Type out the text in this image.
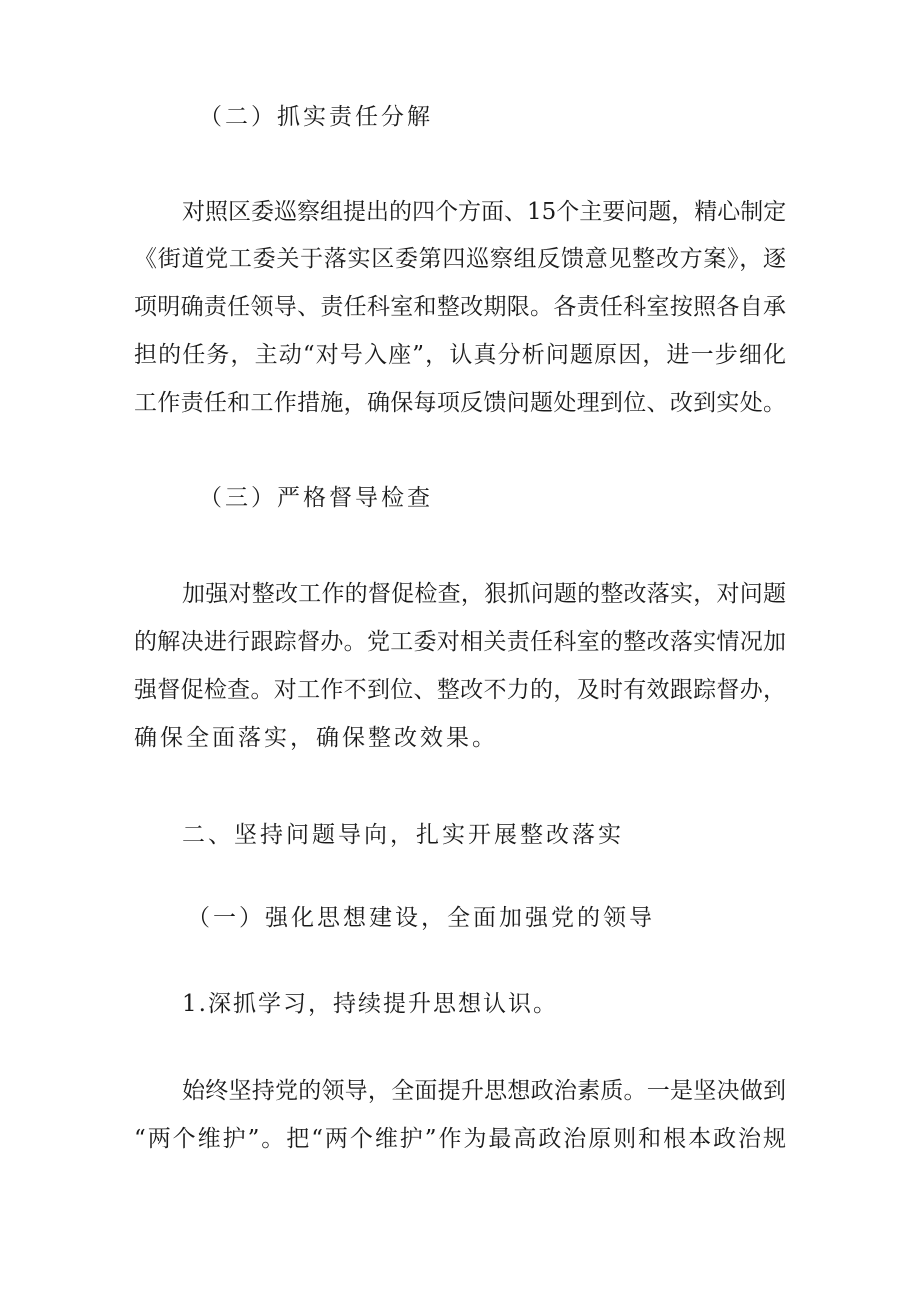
（二）抓实责任分解

对照区委巡察组提出的四个方面、15个主要问题，精心制定

《街道党工委关于落实区委第四巡察组反馈意见整改方案》，逐

项明确责任领导、责任科室和整改期限。各责任科室按照各自承

担的任务，主动“对号入座”，认真分析问题原因，进一步细化

工作责任和工作措施，确保每项反馈问题处理到位、改到实处。

（三）严格督导检查

加强对整改工作的督促检查，狠抓问题的整改落实，对问题

的解决进行跟踪督办。党工委对相关责任科室的整改落实情况加

强督促检查。对工作不到位、整改不力的，及时有效跟踪督办，

确保全面落实，确保整改效果。

二、坚持问题导向，扎实开展整改落实

（一）强化思想建设，全面加强党的领导

1.深抓学习，持续提升思想认识。

始终坚持党的领导，全面提升思想政治素质。一是坚决做到

“两个维护”。把“两个维护”作为最高政治原则和根本政治规
